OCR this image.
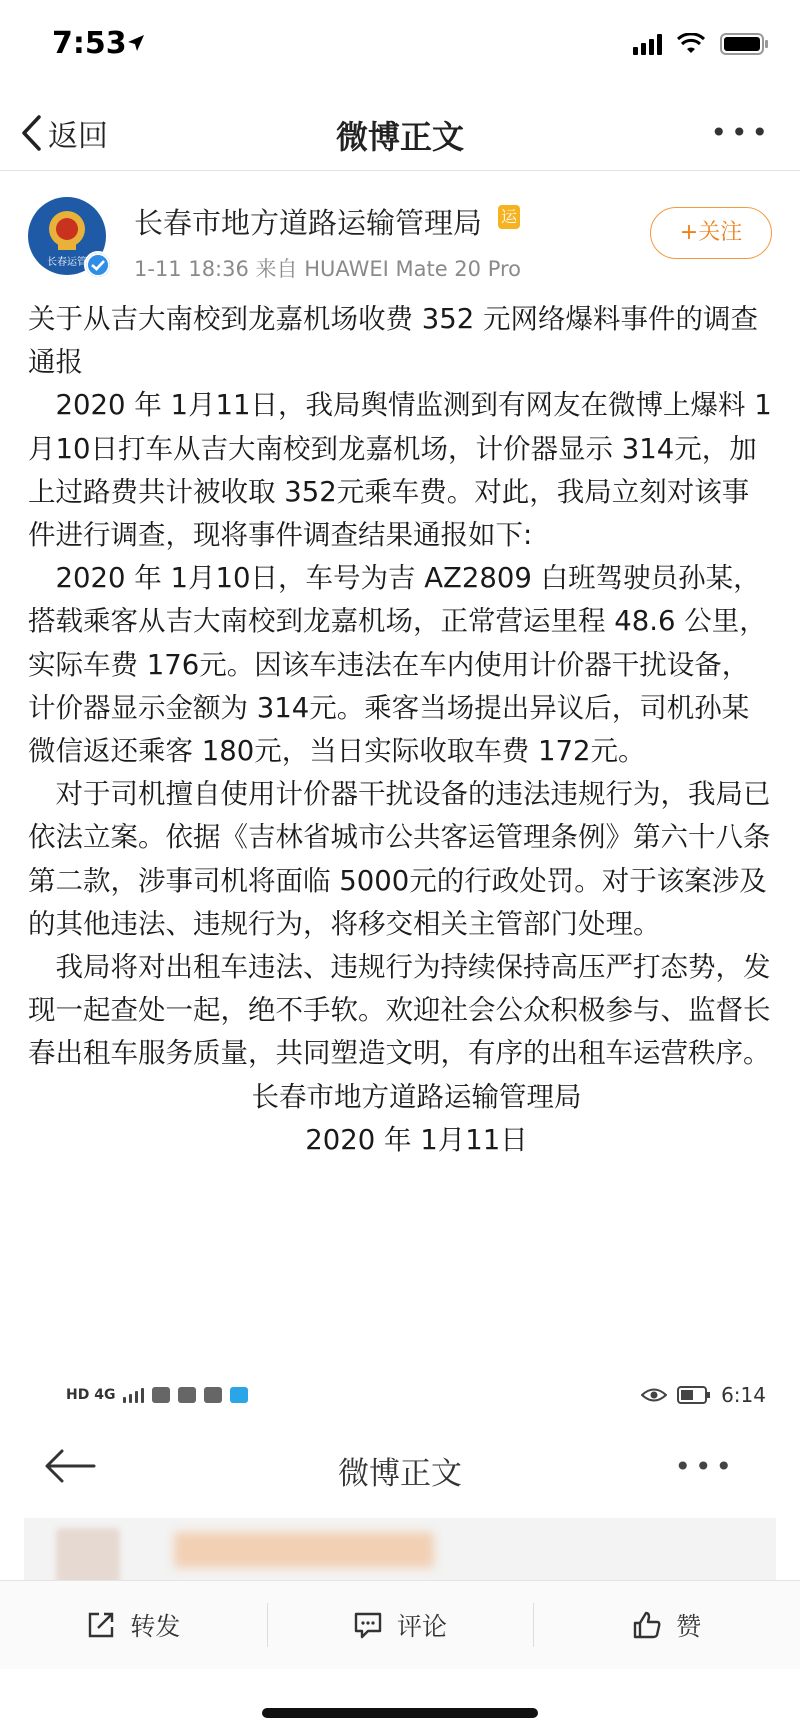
7:53
返回	微博正文	•••
长春运管
长春市地方道路运输管理局 运
1-11 18:36 来自 HUAWEI Mate 20 Pro
+关注

关于从吉大南校到龙嘉机场收费 352 元网络爆料事件的调查通报

　2020 年 1月11日，我局舆情监测到有网友在微博上爆料 1月10日打车从吉大南校到龙嘉机场，计价器显示 314元，加上过路费共计被收取 352元乘车费。对此，我局立刻对该事件进行调查，现将事件调查结果通报如下:

　2020 年 1月10日，车号为吉 AZ2809 白班驾驶员孙某，搭载乘客从吉大南校到龙嘉机场，正常营运里程 48.6 公里，实际车费 176元。因该车违法在车内使用计价器干扰设备，计价器显示金额为 314元。乘客当场提出异议后，司机孙某微信返还乘客 180元，当日实际收取车费 172元。

　对于司机擅自使用计价器干扰设备的违法违规行为，我局已依法立案。依据《吉林省城市公共客运管理条例》第六十八条第二款，涉事司机将面临 5000元的行政处罚。对于该案涉及的其他违法、违规行为，将移交相关主管部门处理。

　我局将对出租车违法、违规行为持续保持高压严打态势，发现一起查处一起，绝不手软。欢迎社会公众积极参与、监督长春出租车服务质量，共同塑造文明，有序的出租车运营秩序。

长春市地方道路运输管理局

2020 年 1月11日

HD 4G	6:14
微博正文	•••
转发	评论	赞
